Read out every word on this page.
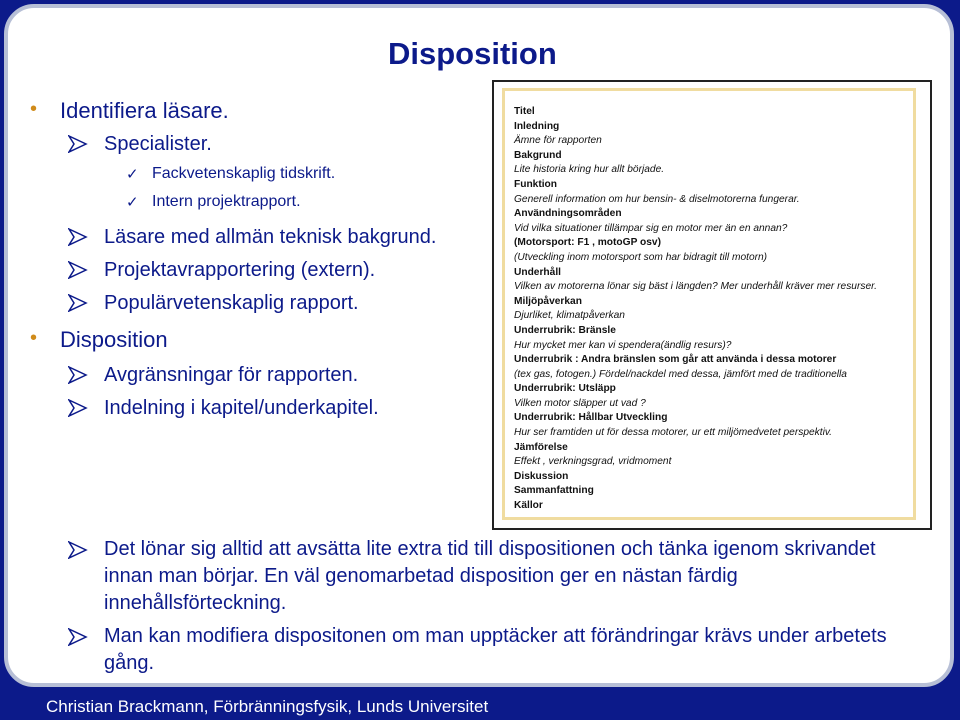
Disposition
• Identifiera läsare.
Specialister.
✓ Fackvetenskaplig tidskrift.
✓ Intern projektrapport.
Läsare med allmän teknisk bakgrund.
Projektavrapportering (extern).
Populärvetenskaplig rapport.
• Disposition
Avgränsningar för rapporten.
Indelning i kapitel/underkapitel.
Titel
Inledning
Ämne för rapporten
Bakgrund
Lite historia kring hur allt började.
Funktion
Generell information om hur bensin- & diselmotorerna fungerar.
Användningsområden
Vid vilka situationer tillämpar sig en motor mer än en annan?
(Motorsport: F1 , motoGP osv)
(Utveckling inom motorsport som har bidragit till motorn)
Underhåll
Vilken av motorerna lönar sig bäst i längden? Mer underhåll kräver mer resurser.
Miljöpåverkan
Djurliket, klimatpåverkan
Underrubrik: Bränsle
Hur mycket mer kan vi spendera(ändlig resurs)?
Underrubrik : Andra bränslen som går att använda i dessa motorer
(tex gas, fotogen.) Fördel/nackdel med dessa, jämfört med de traditionella
Underrubrik: Utsläpp
Vilken motor släpper ut vad ?
Underrubrik: Hållbar Utveckling
Hur ser framtiden ut för dessa motorer, ur ett miljömedvetet perspektiv.
Jämförelse
Effekt , verkningsgrad, vridmoment
Diskussion
Sammanfattning
Källor
Det lönar sig alltid att avsätta lite extra tid till dispositionen och tänka igenom skrivandet innan man börjar. En väl genomarbetad disposition ger en nästan färdig innehållsförteckning.
Man kan modifiera dispositonen om man upptäcker att förändringar krävs under arbetets gång.
Christian Brackmann, Förbränningsfysik, Lunds Universitet
